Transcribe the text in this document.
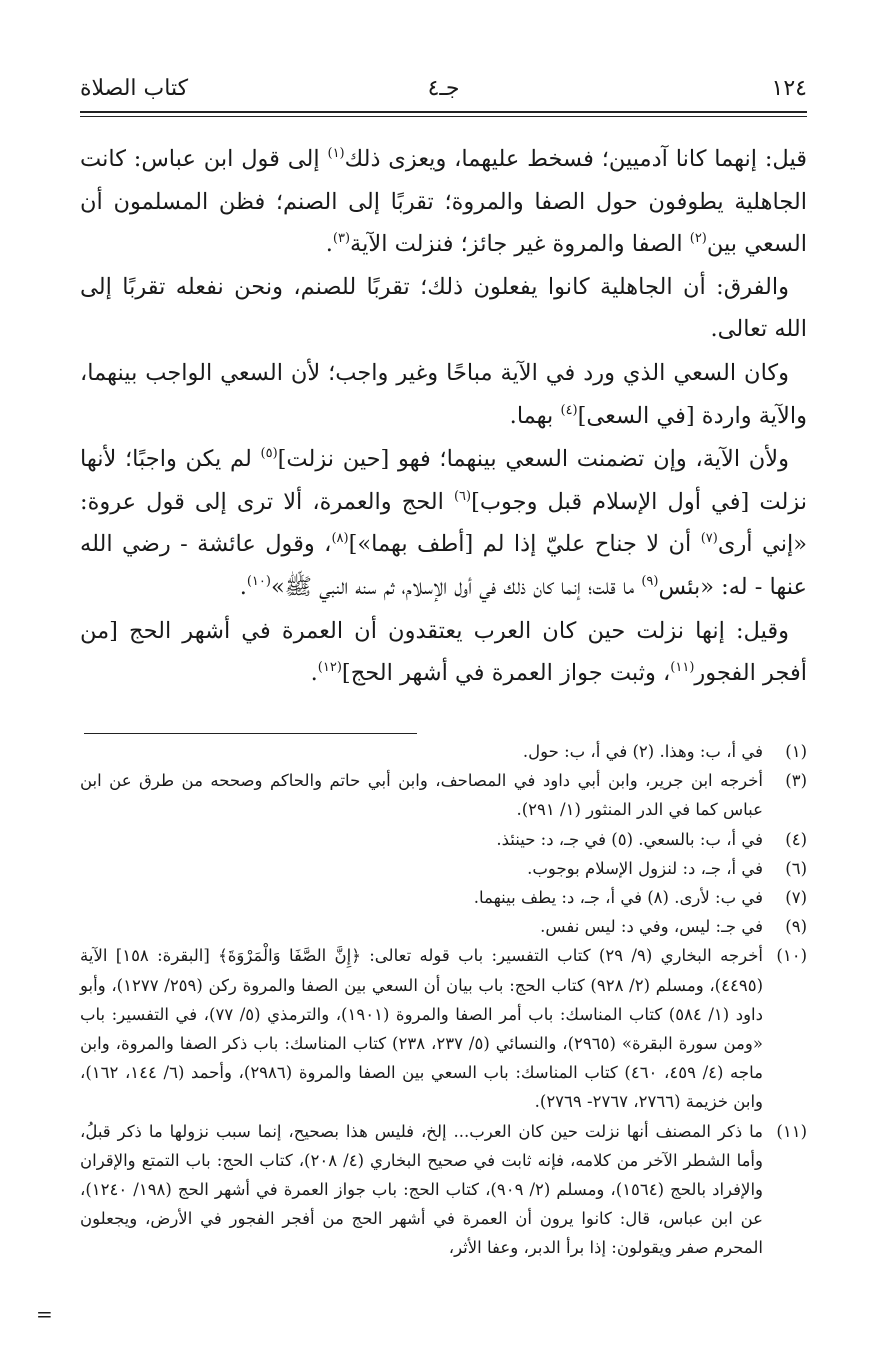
١٢٤
جـ٤
كتاب الصلاة

قيل: إنهما كانا آدميين؛ فسخط عليهما، ويعزى ذلك$^{(١)}$ إلى قول ابن عباس: كانت الجاهلية يطوفون حول الصفا والمروة؛ تقربًا إلى الصنم؛ فظن المسلمون أن السعي بين$^{(٢)}$ الصفا والمروة غير جائز؛ فنزلت الآية$^{(٣)}$.

والفرق: أن الجاهلية كانوا يفعلون ذلك؛ تقربًا للصنم، ونحن نفعله تقربًا إلى الله تعالى.

وكان السعي الذي ورد في الآية مباحًا وغير واجب؛ لأن السعي الواجب بينهما، والآية واردة [في السعى]$^{(٤)}$ بهما.

ولأن الآية، وإن تضمنت السعي بينهما؛ فهو [حين نزلت]$^{(٥)}$ لم يكن واجبًا؛ لأنها نزلت [في أول الإسلام قبل وجوب]$^{(٦)}$ الحج والعمرة، ألا ترى إلى قول عروة: «إني أرى$^{(٧)}$ أن لا جناح عليّ إذا لم [أطف بهما»]$^{(٨)}$، وقول عائشة - رضي الله عنها - له: «بئس$^{(٩)}$ ما قلت؛ إنما كان ذلك في أول الإسلام، ثم سنه النبي ﷺ»$^{(١٠)}$.

وقيل: إنها نزلت حين كان العرب يعتقدون أن العمرة في أشهر الحج [من أفجر الفجور$^{(١١)}$، وثبت جواز العمرة في أشهر الحج]$^{(١٢)}$.

(١)
في أ، ب: وهذا. (٢) في أ، ب: حول.
(٣)
أخرجه ابن جرير، وابن أبي داود في المصاحف، وابن أبي حاتم والحاكم وصححه من طرق عن ابن عباس كما في الدر المنثور (١/ ٢٩١).
(٤)
في أ، ب: بالسعي. (٥) في جـ، د: حينئذ.
(٦)
في أ، جـ، د: لنزول الإسلام بوجوب.
(٧)
في ب: لأرى. (٨) في أ، جـ، د: يطف بينهما.
(٩)
في جـ: ليس، وفي د: ليس نفس.
(١٠)
أخرجه البخاري (٩/ ٢٩) كتاب التفسير: باب قوله تعالى: ﴿إِنَّ الصَّفَا وَالْمَرْوَةَ﴾ [البقرة: ١٥٨] الآية (٤٤٩٥)، ومسلم (٢/ ٩٢٨) كتاب الحج: باب بيان أن السعي بين الصفا والمروة ركن (٢٥٩/ ١٢٧٧)، وأبو داود (١/ ٥٨٤) كتاب المناسك: باب أمر الصفا والمروة (١٩٠١)، والترمذي (٥/ ٧٧)، في التفسير: باب «ومن سورة البقرة» (٢٩٦٥)، والنسائي (٥/ ٢٣٧، ٢٣٨) كتاب المناسك: باب ذكر الصفا والمروة، وابن ماجه (٤/ ٤٥٩، ٤٦٠) كتاب المناسك: باب السعي بين الصفا والمروة (٢٩٨٦)، وأحمد (٦/ ١٤٤، ١٦٢)، وابن خزيمة (٢٧٦٦، ٢٧٦٧- ٢٧٦٩).
(١١)
ما ذكر المصنف أنها نزلت حين كان العرب... إلخ، فليس هذا بصحيح، إنما سبب نزولها ما ذكر قبلُ، وأما الشطر الآخر من كلامه، فإنه ثابت في صحيح البخاري (٤/ ٢٠٨)، كتاب الحج: باب التمتع والإقران والإفراد بالحج (١٥٦٤)، ومسلم (٢/ ٩٠٩)، كتاب الحج: باب جواز العمرة في أشهر الحج (١٩٨/ ١٢٤٠)، عن ابن عباس، قال: كانوا يرون أن العمرة في أشهر الحج من أفجر الفجور في الأرض، ويجعلون المحرم صفر ويقولون: إذا برأ الدبر، وعفا الأثر،
=
